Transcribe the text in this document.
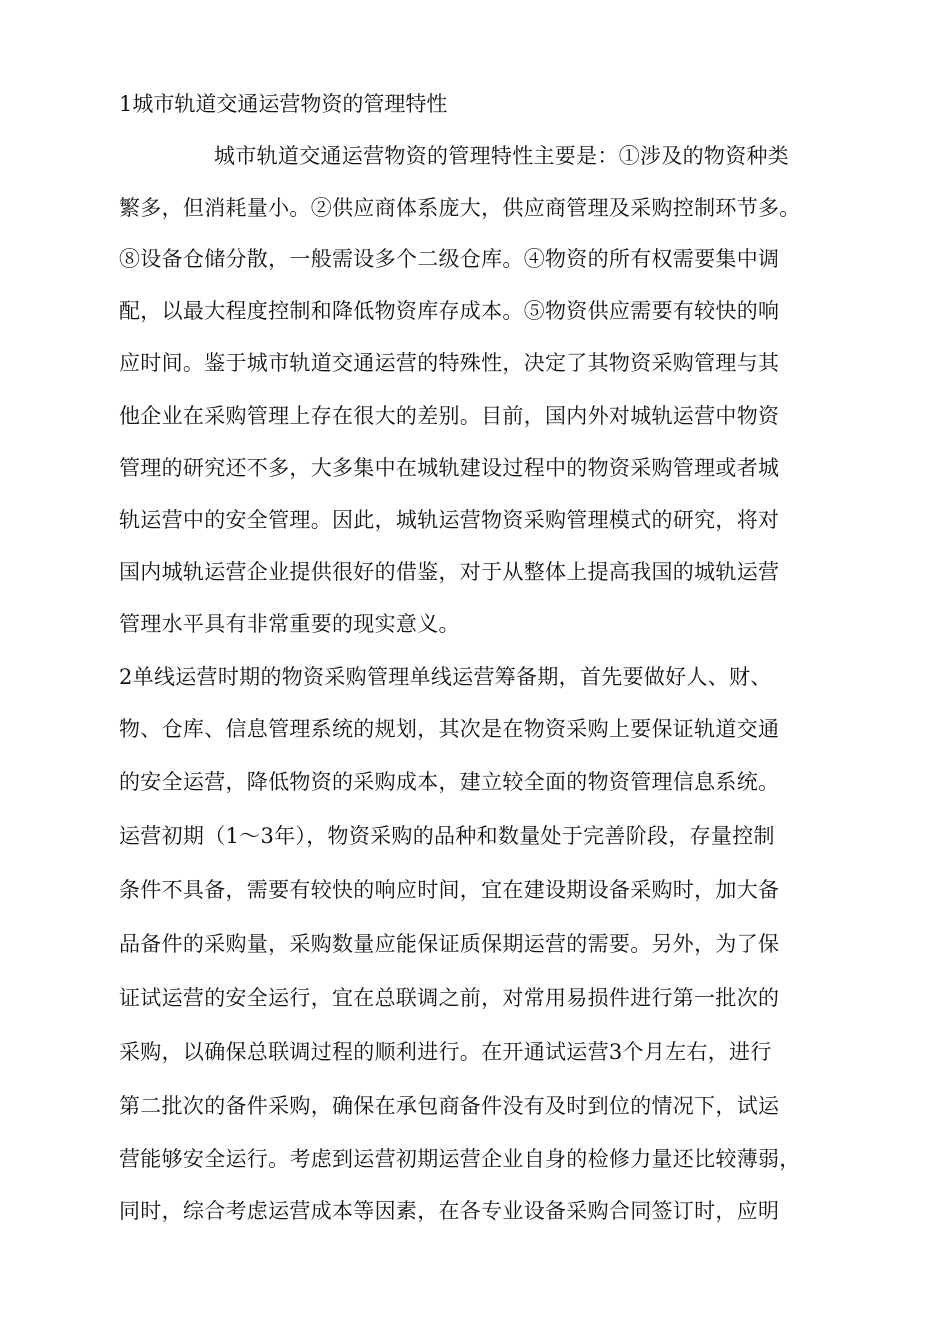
1城市轨道交通运营物资的管理特性
城市轨道交通运营物资的管理特性主要是：①涉及的物资种类
繁多，但消耗量小。②供应商体系庞大，供应商管理及采购控制环节多。
⑧设备仓储分散，一般需设多个二级仓库。④物资的所有权需要集中调
配，以最大程度控制和降低物资库存成本。⑤物资供应需要有较快的响
应时间。鉴于城市轨道交通运营的特殊性，决定了其物资采购管理与其
他企业在采购管理上存在很大的差别。目前，国内外对城轨运营中物资
管理的研究还不多，大多集中在城轨建设过程中的物资采购管理或者城
轨运营中的安全管理。因此，城轨运营物资采购管理模式的研究，将对
国内城轨运营企业提供很好的借鉴，对于从整体上提高我国的城轨运营
管理水平具有非常重要的现实意义。
2单线运营时期的物资采购管理单线运营筹备期，首先要做好人、财、
物、仓库、信息管理系统的规划，其次是在物资采购上要保证轨道交通
的安全运营，降低物资的采购成本，建立较全面的物资管理信息系统。
运营初期（1〜3年），物资采购的品种和数量处于完善阶段，存量控制
条件不具备，需要有较快的响应时间，宜在建设期设备采购时，加大备
品备件的采购量，采购数量应能保证质保期运营的需要。另外，为了保
证试运营的安全运行，宜在总联调之前，对常用易损件进行第一批次的
采购，以确保总联调过程的顺利进行。在开通试运营3个月左右，进行
第二批次的备件采购，确保在承包商备件没有及时到位的情况下，试运
营能够安全运行。考虑到运营初期运营企业自身的检修力量还比较薄弱，
同时，综合考虑运营成本等因素，在各专业设备采购合同签订时，应明
